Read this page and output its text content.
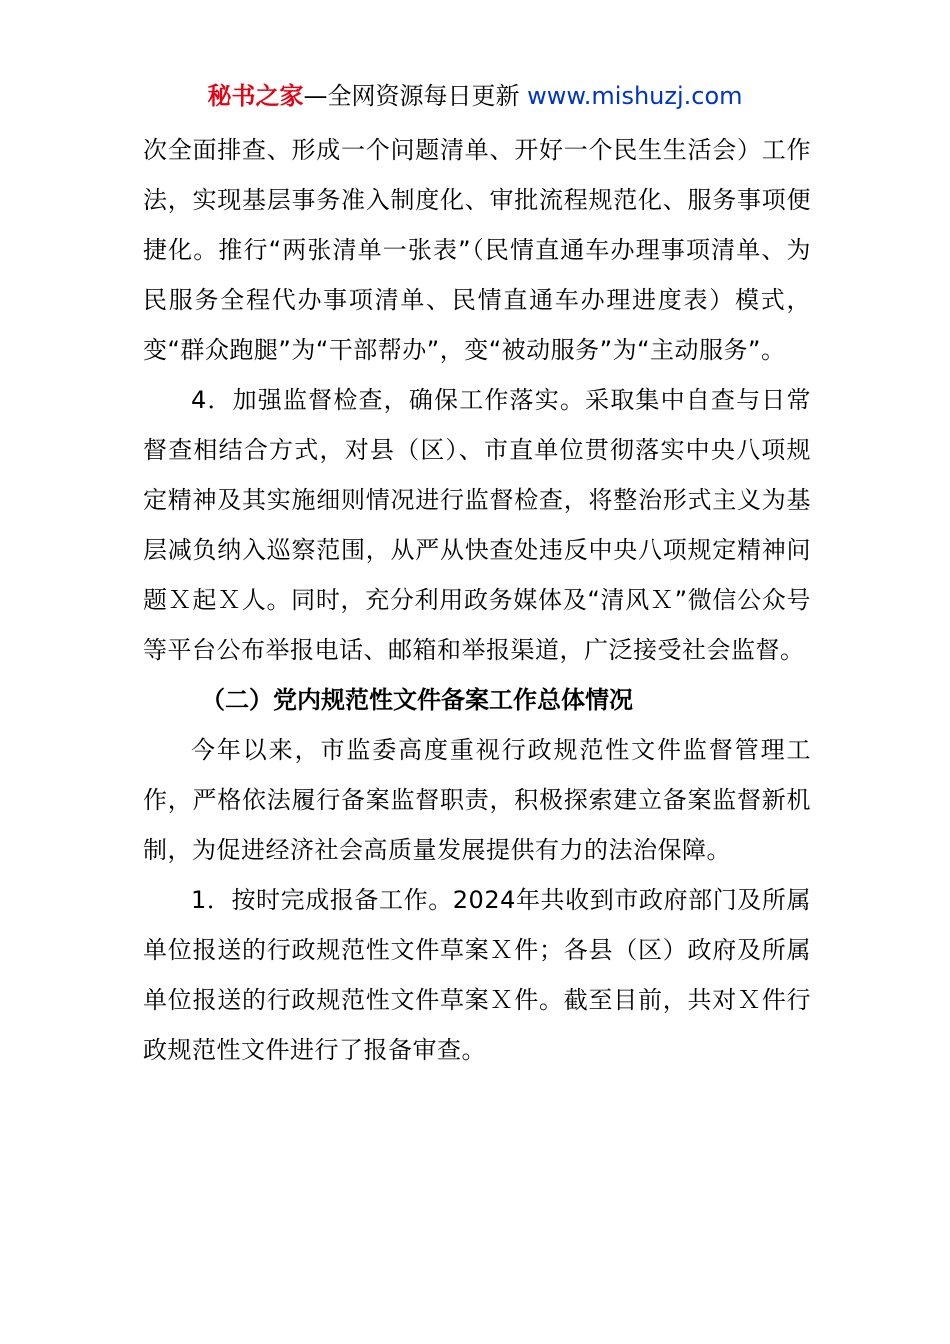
秘书之家—全网资源每日更新 www.mishuzj.com

次全面排查、形成一个问题清单、开好一个民生生活会）工作法，实现基层事务准入制度化、审批流程规范化、服务事项便捷化。推行“两张清单一张表”（民情直通车办理事项清单、为民服务全程代办事项清单、民情直通车办理进度表）模式，变“群众跑腿”为“干部帮办”，变“被动服务”为“主动服务”。

4．加强监督检查，确保工作落实。采取集中自查与日常督查相结合方式，对县（区）、市直单位贯彻落实中央八项规定精神及其实施细则情况进行监督检查，将整治形式主义为基层减负纳入巡察范围，从严从快查处违反中央八项规定精神问题Ｘ起Ｘ人。同时，充分利用政务媒体及“清风Ｘ”微信公众号等平台公布举报电话、邮箱和举报渠道，广泛接受社会监督。

（二）党内规范性文件备案工作总体情况

今年以来，市监委高度重视行政规范性文件监督管理工作，严格依法履行备案监督职责，积极探索建立备案监督新机制，为促进经济社会高质量发展提供有力的法治保障。

1．按时完成报备工作。2024年共收到市政府部门及所属单位报送的行政规范性文件草案Ｘ件；各县（区）政府及所属单位报送的行政规范性文件草案Ｘ件。截至目前，共对Ｘ件行政规范性文件进行了报备审查。
